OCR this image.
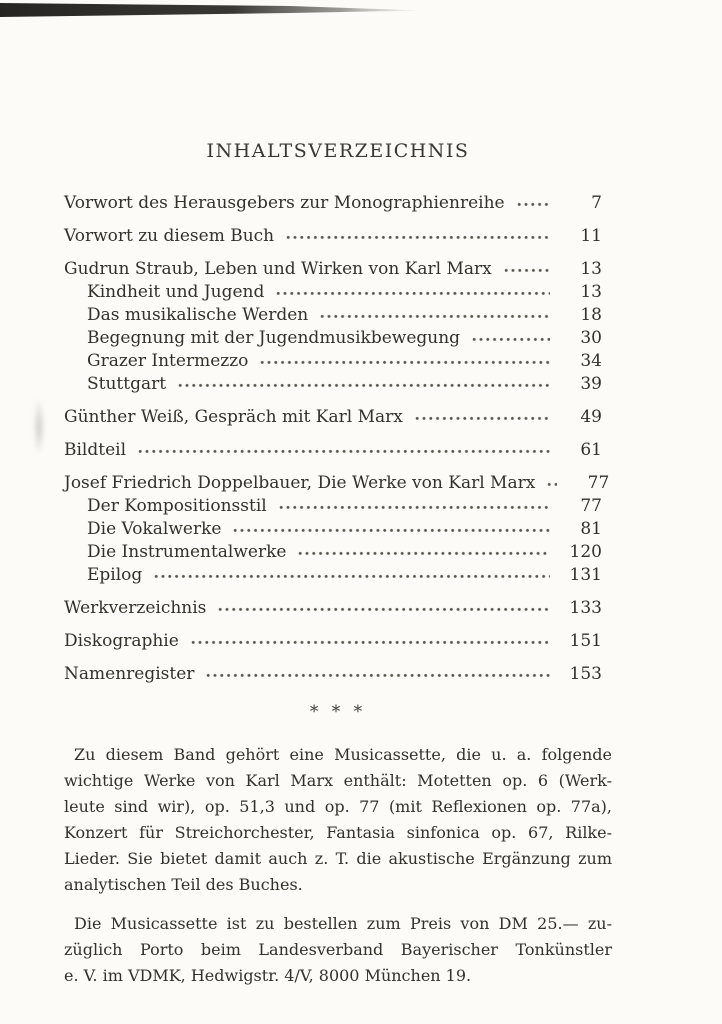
INHALTSVERZEICHNIS
Vorwort des Herausgebers zur Monographienreihe	7
Vorwort zu diesem Buch	11
Gudrun Straub, Leben und Wirken von Karl Marx	13
Kindheit und Jugend	13
Das musikalische Werden	18
Begegnung mit der Jugendmusikbewegung	30
Grazer Intermezzo	34
Stuttgart	39
Günther Weiß, Gespräch mit Karl Marx	49
Bildteil	61
Josef Friedrich Doppelbauer, Die Werke von Karl Marx	77
Der Kompositionsstil	77
Die Vokalwerke	81
Die Instrumentalwerke	120
Epilog	131
Werkverzeichnis	133
Diskographie	151
Namenregister	153
* * *

Zu diesem Band gehört eine Musicassette, die u. a. folgende
wichtige Werke von Karl Marx enthält: Motetten op. 6 (Werk-
leute sind wir), op. 51,3 und op. 77 (mit Reflexionen op. 77a),
Konzert für Streichorchester, Fantasia sinfonica op. 67, Rilke-
Lieder. Sie bietet damit auch z. T. die akustische Ergänzung zum
analytischen Teil des Buches.

Die Musicassette ist zu bestellen zum Preis von DM 25.— zu-
züglich Porto beim Landesverband Bayerischer Tonkünstler
e. V. im VDMK, Hedwigstr. 4/V, 8000 München 19.
